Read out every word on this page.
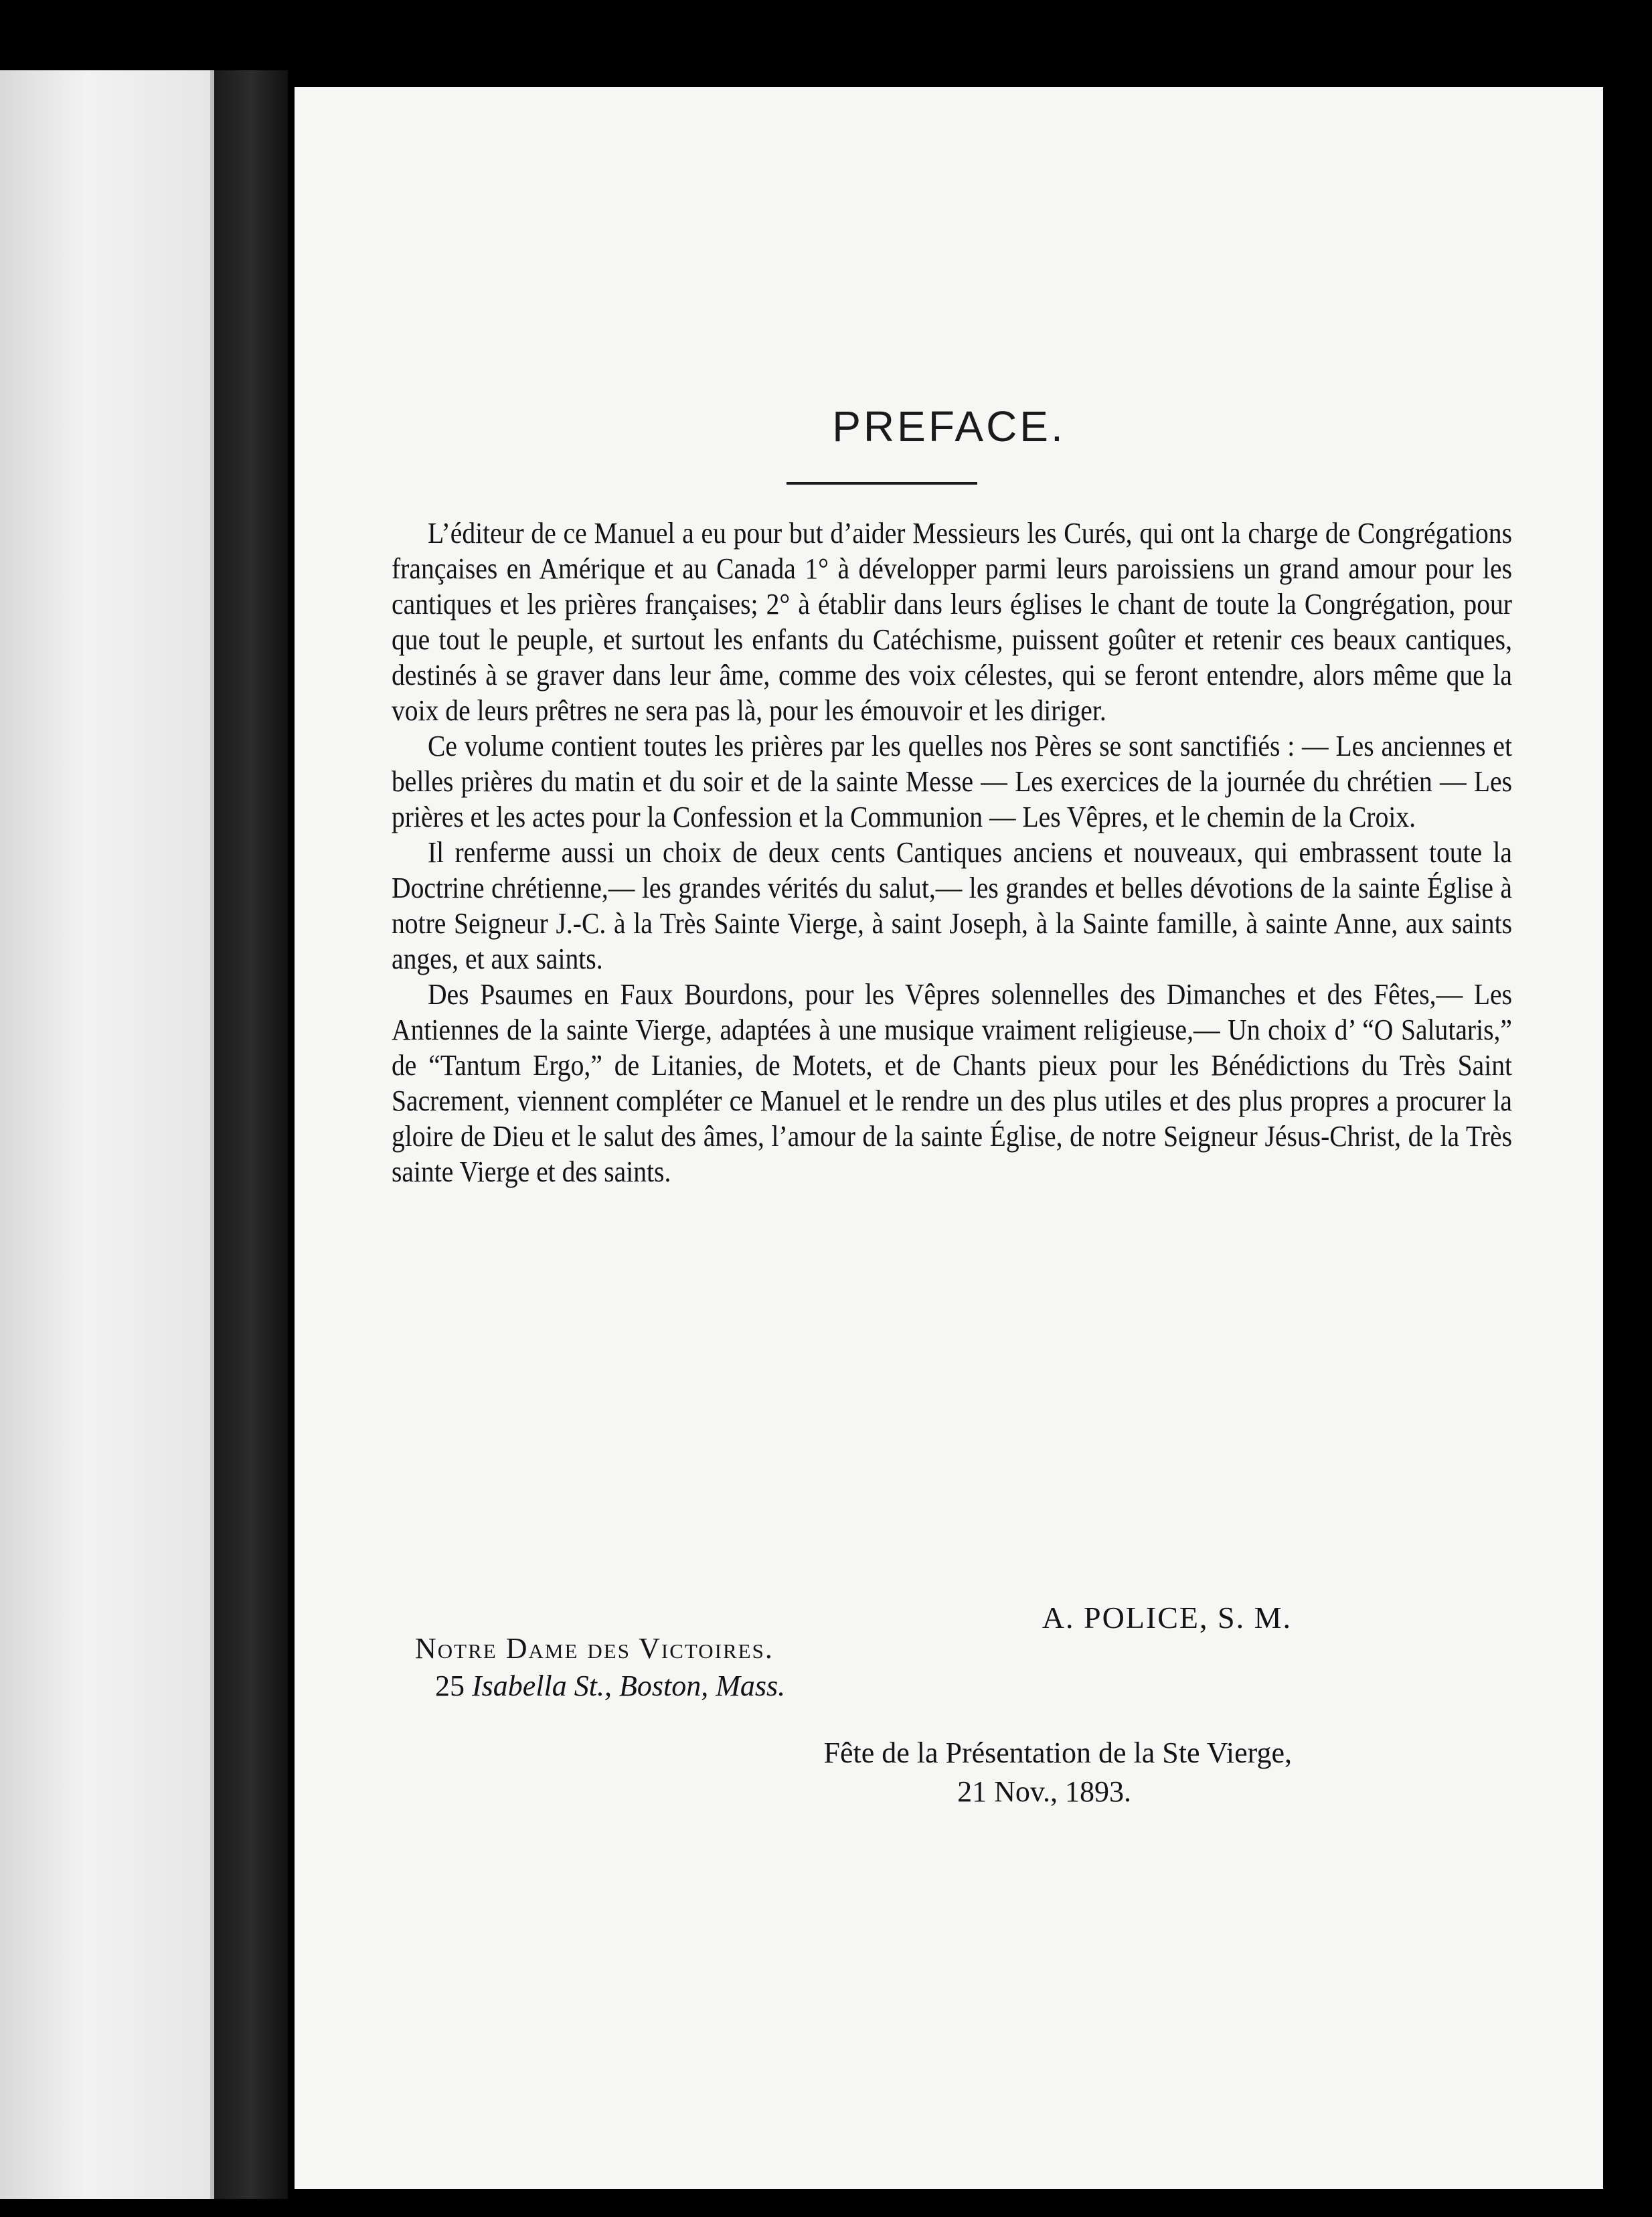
PREFACE.

L’éditeur de ce Manuel a eu pour but d’aider Messieurs les Curés, qui ont la charge de Congrégations françaises en Amérique et au Canada 1° à développer parmi leurs paroissiens un grand amour pour les cantiques et les prières françaises; 2° à établir dans leurs églises le chant de toute la Congrégation, pour que tout le peuple, et surtout les enfants du Catéchisme, puissent goûter et retenir ces beaux cantiques, destinés à se graver dans leur âme, comme des voix célestes, qui se feront entendre, alors même que la voix de leurs prêtres ne sera pas là, pour les émouvoir et les diriger.

Ce volume contient toutes les prières par les quelles nos Pères se sont sanctifiés : — Les anciennes et belles prières du matin et du soir et de la sainte Messe — Les exercices de la journée du chrétien — Les prières et les actes pour la Confession et la Communion — Les Vêpres, et le chemin de la Croix.

Il renferme aussi un choix de deux cents Cantiques anciens et nouveaux, qui embrassent toute la Doctrine chrétienne,— les grandes vérités du salut,— les grandes et belles dévotions de la sainte Église à notre Seigneur J.-C. à la Très Sainte Vierge, à saint Joseph, à la Sainte famille, à sainte Anne, aux saints anges, et aux saints.

Des Psaumes en Faux Bourdons, pour les Vêpres solennelles des Dimanches et des Fêtes,— Les Antiennes de la sainte Vierge, adaptées à une musique vraiment religieuse,— Un choix d’ “O Salutaris,” de “Tantum Ergo,” de Litanies, de Motets, et de Chants pieux pour les Bénédictions du Très Saint Sacrement, viennent compléter ce Manuel et le rendre un des plus utiles et des plus propres a procurer la gloire de Dieu et le salut des âmes, l’amour de la sainte Église, de notre Seigneur Jésus-Christ, de la Très sainte Vierge et des saints.

A. POLICE, S. M.
Notre Dame des Victoires.
25 Isabella St., Boston, Mass.
Fête de la Présentation de la Ste Vierge,
21 Nov., 1893.
